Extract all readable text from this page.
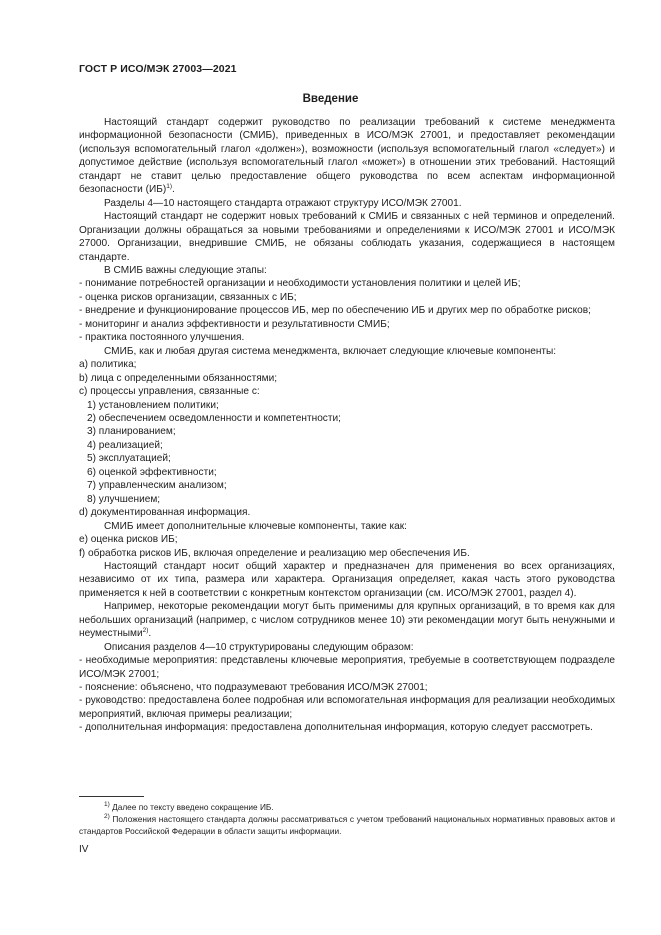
ГОСТ Р ИСО/МЭК 27003—2021
Введение

Настоящий стандарт содержит руководство по реализации требований к системе менеджмента информационной безопасности (СМИБ), приведенных в ИСО/МЭК 27001, и предоставляет рекомендации (используя вспомогательный глагол «должен»), возможности (используя вспомогательный глагол «следует») и допустимое действие (используя вспомогательный глагол «может») в отношении этих требований. Настоящий стандарт не ставит целью предоставление общего руководства по всем аспектам информационной безопасности (ИБ)$^{1)}$.

Разделы 4—10 настоящего стандарта отражают структуру ИСО/МЭК 27001.

Настоящий стандарт не содержит новых требований к СМИБ и связанных с ней терминов и определений. Организации должны обращаться за новыми требованиями и определениями к ИСО/МЭК 27001 и ИСО/МЭК 27000. Организации, внедрившие СМИБ, не обязаны соблюдать указания, содержащиеся в настоящем стандарте.

В СМИБ важны следующие этапы:

- понимание потребностей организации и необходимости установления политики и целей ИБ;

- оценка рисков организации, связанных с ИБ;

- внедрение и функционирование процессов ИБ, мер по обеспечению ИБ и других мер по обработке рисков;

- мониторинг и анализ эффективности и результативности СМИБ;

- практика постоянного улучшения.

СМИБ, как и любая другая система менеджмента, включает следующие ключевые компоненты:

a) политика;

b) лица с определенными обязанностями;

c) процессы управления, связанные с:

1) установлением политики;

2) обеспечением осведомленности и компетентности;

3) планированием;

4) реализацией;

5) эксплуатацией;

6) оценкой эффективности;

7) управленческим анализом;

8) улучшением;

d) документированная информация.

СМИБ имеет дополнительные ключевые компоненты, такие как:

e) оценка рисков ИБ;

f) обработка рисков ИБ, включая определение и реализацию мер обеспечения ИБ.

Настоящий стандарт носит общий характер и предназначен для применения во всех организациях, независимо от их типа, размера или характера. Организация определяет, какая часть этого руководства применяется к ней в соответствии с конкретным контекстом организации (см. ИСО/МЭК 27001, раздел 4).

Например, некоторые рекомендации могут быть применимы для крупных организаций, в то время как для небольших организаций (например, с числом сотрудников менее 10) эти рекомендации могут быть ненужными и неуместными$^{2)}$.

Описания разделов 4—10 структурированы следующим образом:

- необходимые мероприятия: представлены ключевые мероприятия, требуемые в соответствующем подразделе ИСО/МЭК 27001;

- пояснение: объяснено, что подразумевают требования ИСО/МЭК 27001;

- руководство: предоставлена более подробная или вспомогательная информация для реализации необходимых мероприятий, включая примеры реализации;

- дополнительная информация: предоставлена дополнительная информация, которую следует рассмотреть.

$^{1)}$ Далее по тексту введено сокращение ИБ.

$^{2)}$ Положения настоящего стандарта должны рассматриваться с учетом требований национальных нормативных правовых актов и стандартов Российской Федерации в области защиты информации.

IV
